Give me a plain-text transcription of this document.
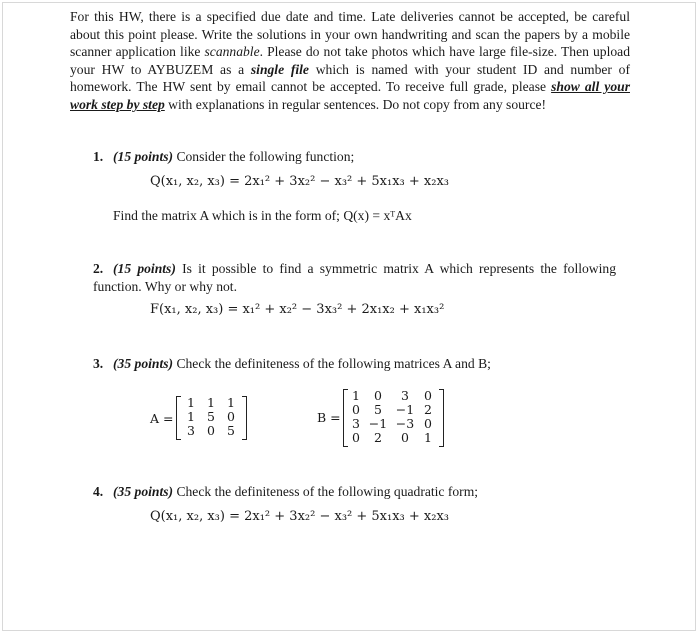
For this HW, there is a specified due date and time. Late deliveries cannot be accepted, be careful about this point please. Write the solutions in your own handwriting and scan the papers by a mobile scanner application like scannable. Please do not take photos which have large file-size. Then upload your HW to AYBUZEM as a single file which is named with your student ID and number of homework. The HW sent by email cannot be accepted. To receive full grade, please show all your work step by step with explanations in regular sentences. Do not copy from any source!
1. (15 points) Consider the following function;
Q(x₁, x₂, x₃) = 2x₁² + 3x₂² − x₃² + 5x₁x₃ + x₂x₃
Find the matrix A which is in the form of; Q(x) = xᵀAx
2. (15 points) Is it possible to find a symmetric matrix A which represents the following function. Why or why not.
F(x₁, x₂, x₃) = x₁² + x₂² − 3x₃² + 2x₁x₂ + x₁x₃²
3. (35 points) Check the definiteness of the following matrices A and B;
A =
1	1	1
1	5	0
3	0	5
B =
1	0	3	0
0	5	−1	2
3	−1	−3	0
0	2	0	1
4. (35 points) Check the definiteness of the following quadratic form;
Q(x₁, x₂, x₃) = 2x₁² + 3x₂² − x₃² + 5x₁x₃ + x₂x₃
